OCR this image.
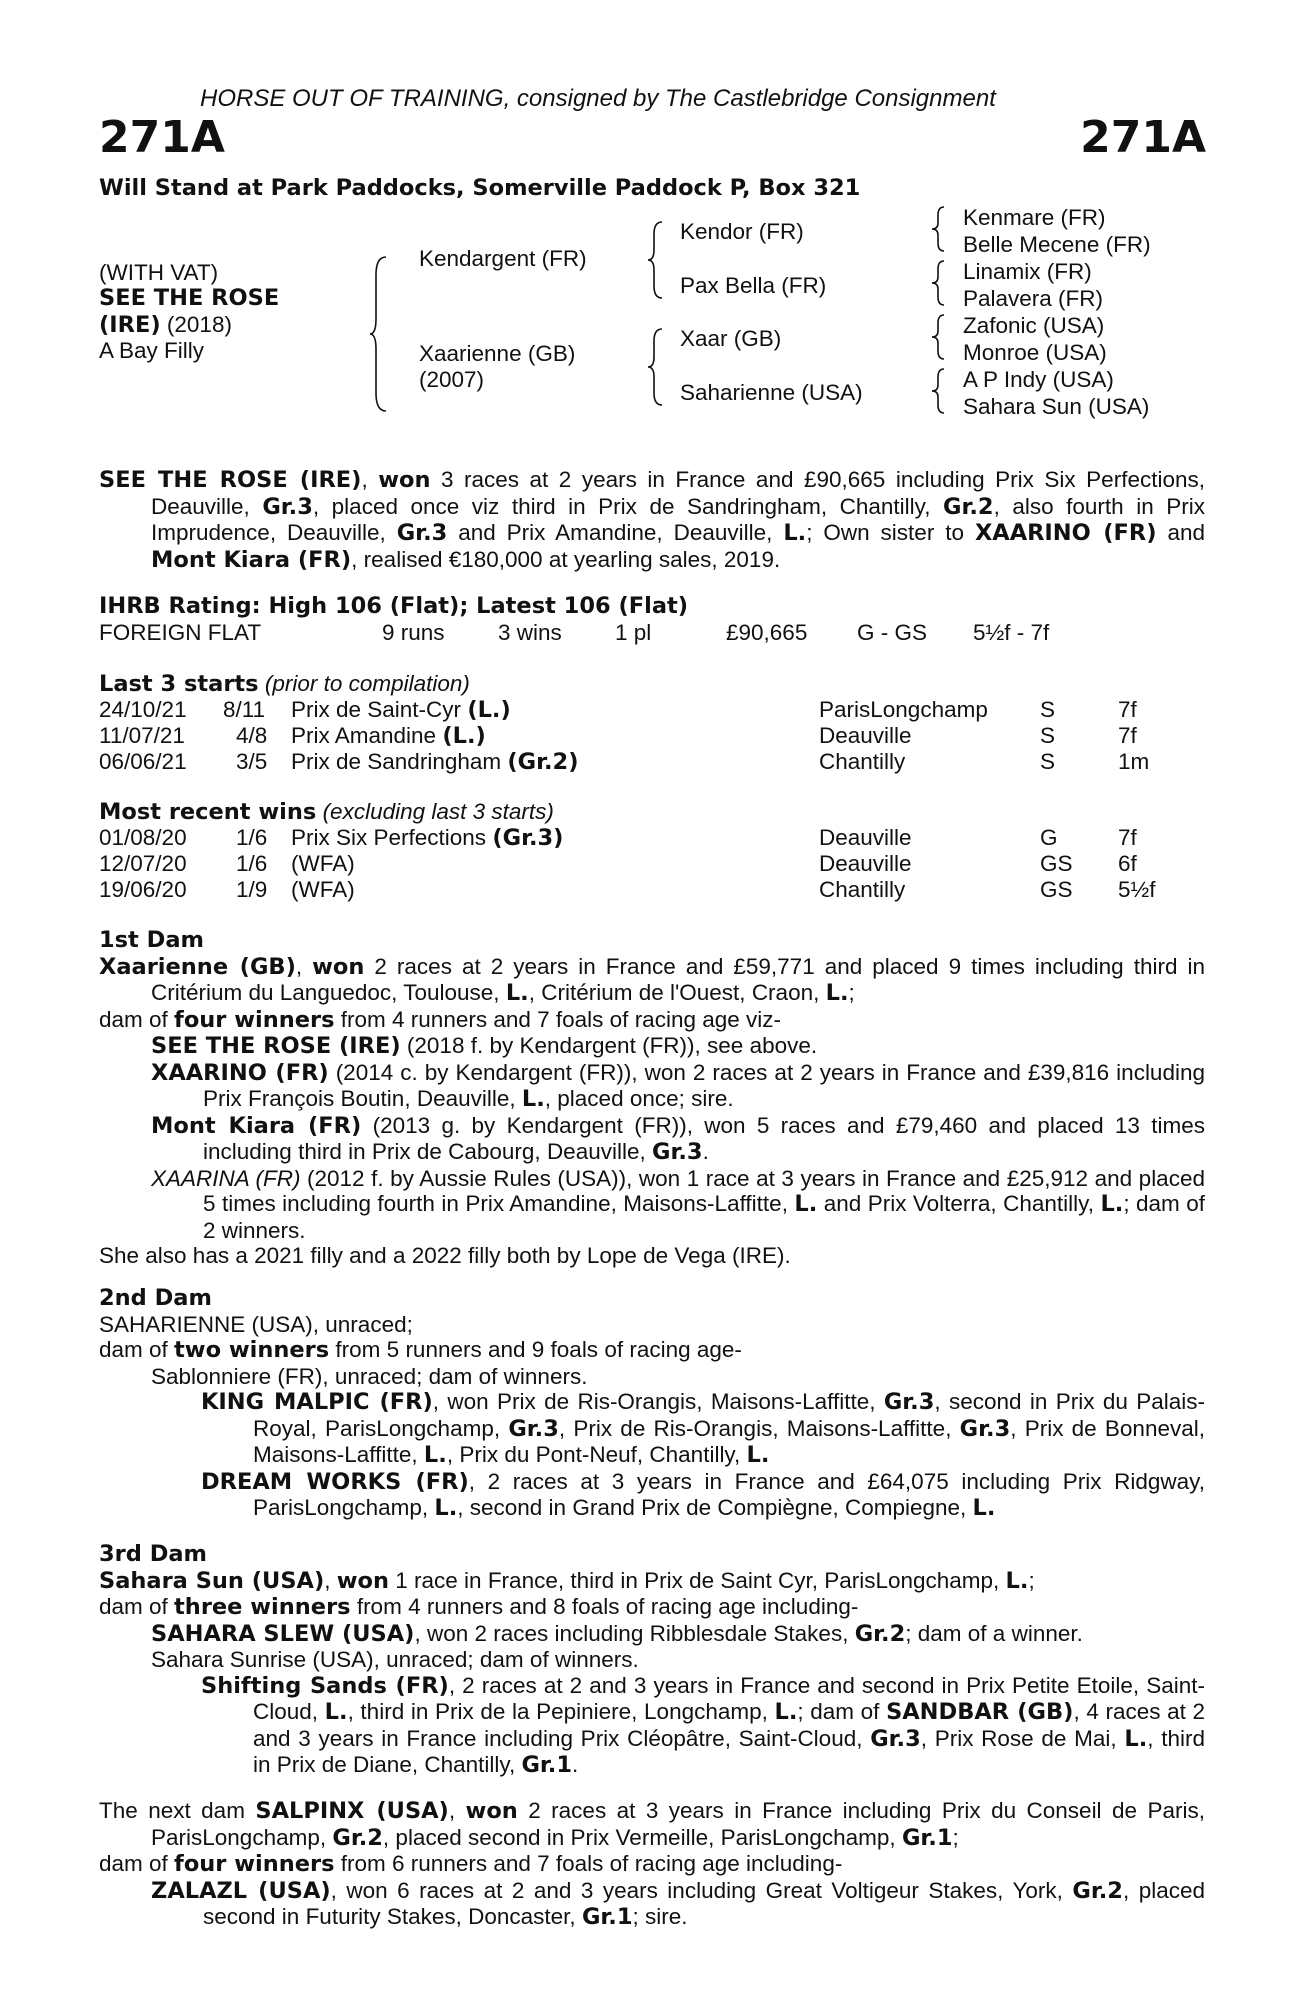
HORSE OUT OF TRAINING, consigned by The Castlebridge Consignment
271A	271A
Will Stand at Park Paddocks, Somerville Paddock P, Box 321
(WITH VAT)
SEE THE ROSE
(IRE) (2018)
A Bay Filly
Kendargent (FR)
Xaarienne (GB)
(2007)
Kendor (FR)
Pax Bella (FR)
Xaar (GB)
Saharienne (USA)
Kenmare (FR)
Belle Mecene (FR)
Linamix (FR)
Palavera (FR)
Zafonic (USA)
Monroe (USA)
A P Indy (USA)
Sahara Sun (USA)

SEE THE ROSE (IRE), won 3 races at 2 years in France and £90,665 including Prix Six Perfections, Deauville, Gr.3, placed once viz third in Prix de Sandringham, Chantilly, Gr.2, also fourth in Prix Imprudence, Deauville, Gr.3 and Prix Amandine, Deauville, L.; Own sister to XAARINO (FR) and Mont Kiara (FR), realised €180,000 at yearling sales, 2019.

IHRB Rating: High 106 (Flat); Latest 106 (Flat)
FOREIGN FLAT	9 runs 3 wins 1 pl	£90,665 G - GS 5½f - 7f
Last 3 starts (prior to compilation)
24/10/21 8/11 Prix de Saint-Cyr (L.)	ParisLongchamp S	7f
11/07/21 4/8 Prix Amandine (L.)	Deauville	S	7f
06/06/21 3/5 Prix de Sandringham (Gr.2)	Chantilly	S	1m
Most recent wins (excluding last 3 starts)
01/08/20 1/6 Prix Six Perfections (Gr.3)	Deauville	G	7f
12/07/20 1/6 (WFA)	Deauville	GS 6f
19/06/20 1/9 (WFA)	Chantilly	GS 5½f

1st Dam

Xaarienne (GB), won 2 races at 2 years in France and £59,771 and placed 9 times including third in Critérium du Languedoc, Toulouse, L., Critérium de l'Ouest, Craon, L.;

dam of four winners from 4 runners and 7 foals of racing age viz-

SEE THE ROSE (IRE) (2018 f. by Kendargent (FR)), see above.

XAARINO (FR) (2014 c. by Kendargent (FR)), won 2 races at 2 years in France and £39,816 including Prix François Boutin, Deauville, L., placed once; sire.

Mont Kiara (FR) (2013 g. by Kendargent (FR)), won 5 races and £79,460 and placed 13 times including third in Prix de Cabourg, Deauville, Gr.3.

XAARINA (FR) (2012 f. by Aussie Rules (USA)), won 1 race at 3 years in France and £25,912 and placed 5 times including fourth in Prix Amandine, Maisons-Laffitte, L. and Prix Volterra, Chantilly, L.; dam of 2 winners.

She also has a 2021 filly and a 2022 filly both by Lope de Vega (IRE).

2nd Dam

SAHARIENNE (USA), unraced;

dam of two winners from 5 runners and 9 foals of racing age-

Sablonniere (FR), unraced; dam of winners.

KING MALPIC (FR), won Prix de Ris-Orangis, Maisons-Laffitte, Gr.3, second in Prix du Palais-Royal, ParisLongchamp, Gr.3, Prix de Ris-Orangis, Maisons-Laffitte, Gr.3, Prix de Bonneval, Maisons-Laffitte, L., Prix du Pont-Neuf, Chantilly, L.

DREAM WORKS (FR), 2 races at 3 years in France and £64,075 including Prix Ridgway, ParisLongchamp, L., second in Grand Prix de Compiègne, Compiegne, L.

3rd Dam

Sahara Sun (USA), won 1 race in France, third in Prix de Saint Cyr, ParisLongchamp, L.;

dam of three winners from 4 runners and 8 foals of racing age including-

SAHARA SLEW (USA), won 2 races including Ribblesdale Stakes, Gr.2; dam of a winner.

Sahara Sunrise (USA), unraced; dam of winners.

Shifting Sands (FR), 2 races at 2 and 3 years in France and second in Prix Petite Etoile, Saint-Cloud, L., third in Prix de la Pepiniere, Longchamp, L.; dam of SANDBAR (GB), 4 races at 2 and 3 years in France including Prix Cléopâtre, Saint-Cloud, Gr.3, Prix Rose de Mai, L., third in Prix de Diane, Chantilly, Gr.1.

The next dam SALPINX (USA), won 2 races at 3 years in France including Prix du Conseil de Paris, ParisLongchamp, Gr.2, placed second in Prix Vermeille, ParisLongchamp, Gr.1;

dam of four winners from 6 runners and 7 foals of racing age including-

ZALAZL (USA), won 6 races at 2 and 3 years including Great Voltigeur Stakes, York, Gr.2, placed second in Futurity Stakes, Doncaster, Gr.1; sire.
